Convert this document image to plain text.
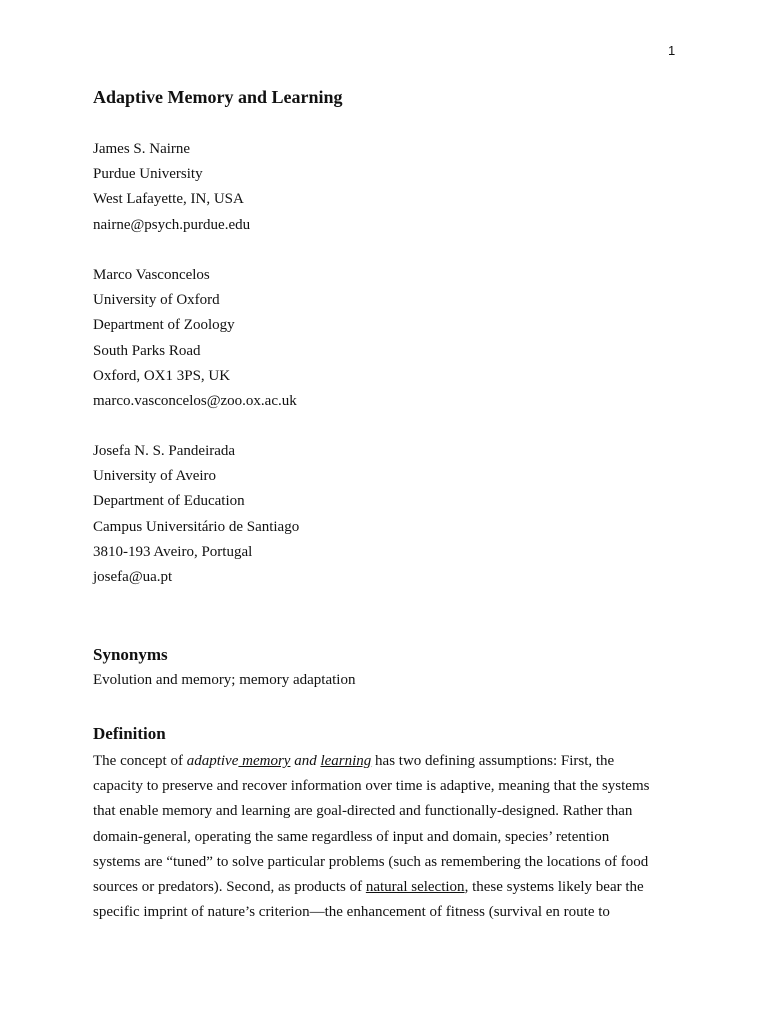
1
Adaptive Memory and Learning
James S. Nairne
Purdue University
West Lafayette, IN, USA
nairne@psych.purdue.edu
Marco Vasconcelos
University of Oxford
Department of Zoology
South Parks Road
Oxford, OX1 3PS, UK
marco.vasconcelos@zoo.ox.ac.uk
Josefa N. S. Pandeirada
University of Aveiro
Department of Education
Campus Universitário de Santiago
3810-193 Aveiro, Portugal
josefa@ua.pt
Synonyms

Evolution and memory; memory adaptation

Definition

The concept of adaptive memory and learning has two defining assumptions: First, the
capacity to preserve and recover information over time is adaptive, meaning that the systems
that enable memory and learning are goal-directed and functionally-designed. Rather than
domain-general, operating the same regardless of input and domain, species’ retention
systems are “tuned” to solve particular problems (such as remembering the locations of food
sources or predators). Second, as products of natural selection, these systems likely bear the
specific imprint of nature’s criterion—the enhancement of fitness (survival en route to
